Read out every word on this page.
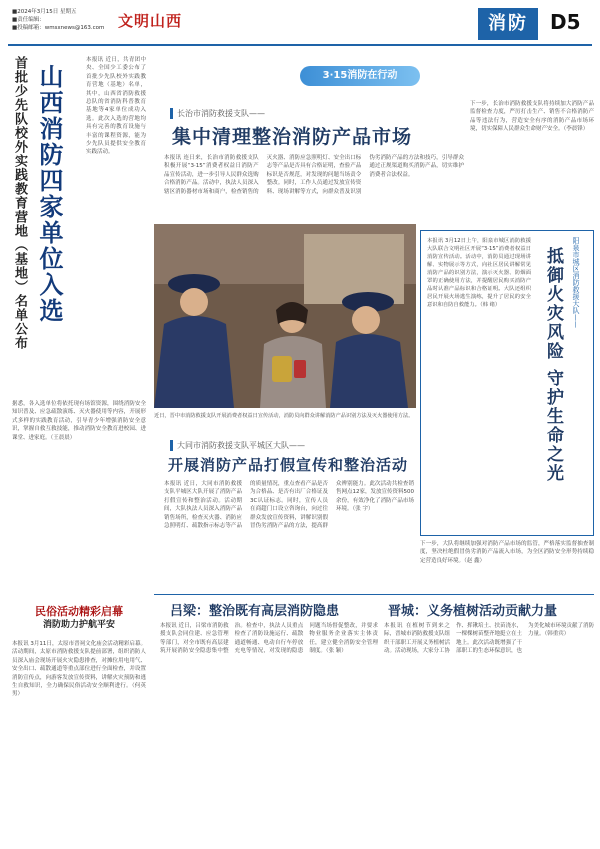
■2024年3月15日 星期五
■责任编辑：
■投稿邮箱：wmsxnews@163.com 文明山西	消防	D5
首批少先队校外实践教育营地（基地）名单公布 山西消防四家单位入选
本报讯 近日，共青团中央、全国少工委公布了首批少先队校外实践教育营地（基地）名单，其中，山西省消防救援总队的省消防科普教育基地等4家单位成功入选。此次入选的营地均具有完善的教育设施与丰富的课程资源，能为少先队员提供安全教育实践活动。
据悉，各入选单位将依托现有场馆资源，围绕消防安全知识普及、应急疏散演练、灭火器使用等内容，开展形式多样的实践教育活动，引导青少年增强消防安全意识，掌握自救互救技能，推动消防安全教育进校园、进课堂、进家庭。（王晨晨）
民俗活动精彩启幕
消防助力护航平安
本报讯 3月11日，太原市晋祠文化庙会活动精彩启幕。活动期间，太原市消防救援支队提前部署，组织消防人员深入庙会现场开展火灾隐患排查，对摊位用电用气、安全出口、疏散通道等重点部位进行全面检查，并设置消防宣传点，向游客发放宣传资料，讲解火灾预防和逃生自救知识，全力确保民俗活动安全顺利进行。（何英男）
3·15消防在行动
长治市消防救援支队——
集中清理整治消防产品市场
本报讯 连日来，长治市消防救援支队积极开展“3·15”消费者权益日消防产品宣传活动，进一步引导人民群众选购合格消防产品。活动中，执法人员深入辖区消防器材市场和商户，检查销售的灭火器、消防应急照明灯、安全出口标志等产品是否具有合格证明，查验产品标识是否规范，对发现的问题当场责令整改。同时，工作人员通过发放宣传资料、现场讲解等方式，向群众普及识别伪劣消防产品的方法和技巧，引导群众通过正规渠道购买消防产品，切实维护消费者合法权益。
下一步，长治市消防救援支队将持续加大消防产品监督检查力度，严厉打击生产、销售不合格消防产品等违法行为，营造安全有序的消防产品市场环境，切实保障人民群众生命财产安全。（李晨锋）
近日，晋中市消防救援支队开展消费者权益日宣传活动，消防员向群众讲解消防产品识别方法及灭火器使用方法。
阳泉市城区消防救援大队——
抵御火灾风险 守护生命之光
本报讯 3月12日上午，阳泉市城区消防救援大队联合文明社区开展“3·15”消费者权益日消防宣传活动。活动中，消防员通过现场讲解、实物展示等方式，向社区居民讲解常见消防产品的识别方法，演示灭火器、防烟面罩的正确使用方法，并提醒居民购买消防产品时认准产品标识和合格证明。大队还组织居民开展火场逃生演练，提升了居民的安全意识和自防自救能力。（韩 绪）
大同市消防救援支队平城区大队——
开展消防产品打假宣传和整治活动
本报讯 近日，大同市消防救援支队平城区大队开展了消防产品打假宣传和整治活动。活动期间，大队执法人员深入消防产品销售场所，检查灭火器、消防应急照明灯、疏散指示标志等产品的质量情况，重点查看产品是否为合格品、是否有出厂合格证及3C认证标志。同时，宣传人员在商超门口设立咨询台，向过往群众发放宣传资料，讲解识别假冒伪劣消防产品的方法，提高群众辨别能力。此次活动共检查销售网点12家，发放宣传资料500余份，有效净化了消防产品市场环境。（张 宇）
下一步，大队将继续加强对消防产品市场的监管，严格落实监督抽查制度，坚决杜绝假冒伪劣消防产品流入市场，为全区消防安全形势持续稳定营造良好环境。（赵 鑫）
吕梁：整治既有高层消防隐患	晋城：义务植树活动贡献力量
本报讯 近日，吕梁市消防救援支队会同住建、应急管理等部门，对全市既有高层建筑开展消防安全隐患集中整治。检查中，执法人员重点检查了消防设施运行、疏散通道畅通、电动自行车停放充电等情况，对发现的隐患问题当场督促整改，并要求物业服务企业落实主体责任，建立健全消防安全管理制度。（张 颖）
本报讯 在植树节到来之际，晋城市消防救援支队组织干部职工开展义务植树活动。活动现场，大家分工协作、挥锹培土、扶苗浇水，一棵棵树苗整齐地挺立在土地上。此次活动既增强了干部职工的生态环保意识，也为美化城市环境贡献了消防力量。（韩重宾）
